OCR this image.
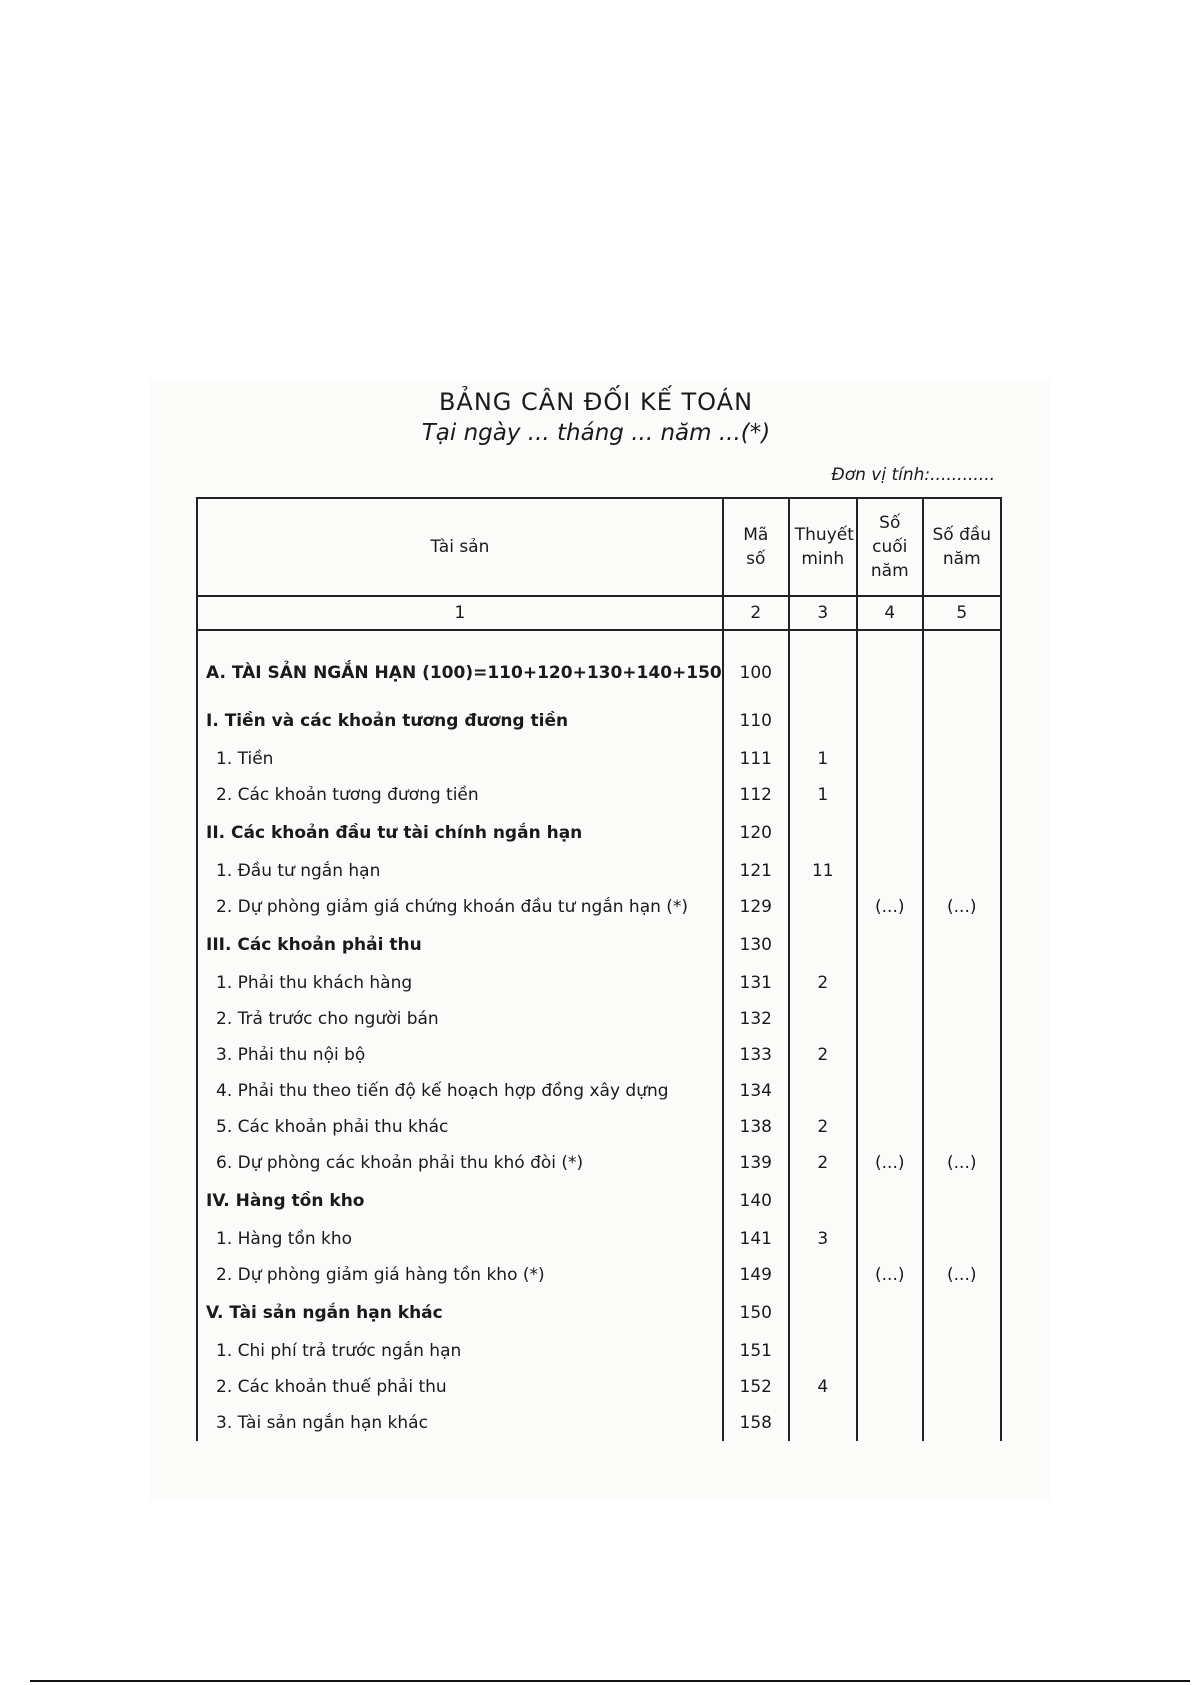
BẢNG CÂN ĐỐI KẾ TOÁN
Tại ngày ... tháng ... năm ...(*)
Đơn vị tính:............
Tài sản	Mã số	Thuyết minh	Số cuối năm	Số đầu năm
1	2	3	4	5
A. TÀI SẢN NGẮN HẠN (100)=110+120+130+140+150	100			
I. Tiền và các khoản tương đương tiền	110			
1. Tiền	111	1		
2. Các khoản tương đương tiền	112	1		
II. Các khoản đầu tư tài chính ngắn hạn	120			
1. Đầu tư ngắn hạn	121	11		
2. Dự phòng giảm giá chứng khoán đầu tư ngắn hạn (*)	129		(...)	(...)
III. Các khoản phải thu	130			
1. Phải thu khách hàng	131	2		
2. Trả trước cho người bán	132			
3. Phải thu nội bộ	133	2		
4. Phải thu theo tiến độ kế hoạch hợp đồng xây dựng	134			
5. Các khoản phải thu khác	138	2		
6. Dự phòng các khoản phải thu khó đòi (*)	139	2	(...)	(...)
IV. Hàng tồn kho	140			
1. Hàng tồn kho	141	3		
2. Dự phòng giảm giá hàng tồn kho (*)	149		(...)	(...)
V. Tài sản ngắn hạn khác	150			
1. Chi phí trả trước ngắn hạn	151			
2. Các khoản thuế phải thu	152	4		
3. Tài sản ngắn hạn khác	158			
